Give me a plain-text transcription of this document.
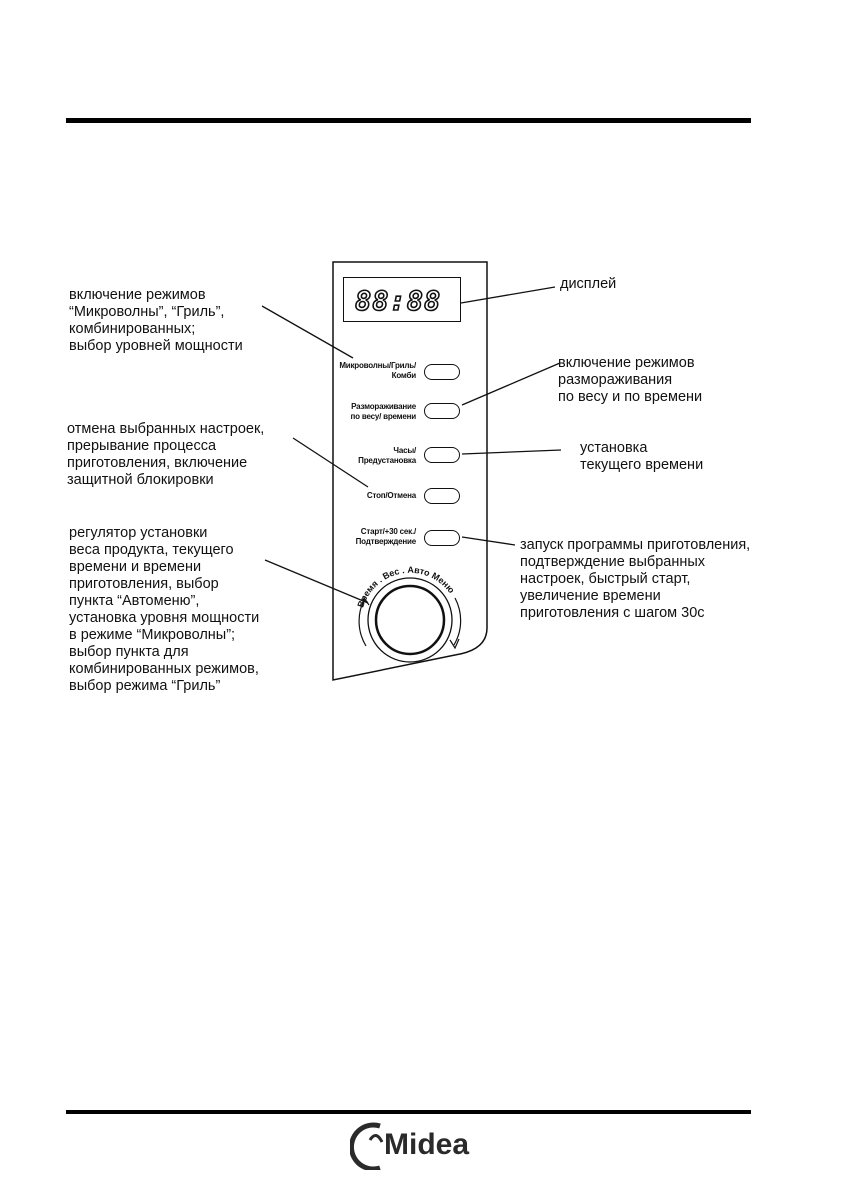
Время . Вес . Авто Меню
88:88
Микроволны/Гриль/
Комби
Размораживание
по весу/ времени
Часы/
Предустановка
Стоп/Отмена
Старт/+30 сек./
Подтверждение
включение режимов
“Микроволны”, “Гриль”,
комбинированных;
выбор уровней мощности
дисплей
включение режимов
размораживания
по весу и по времени
отмена выбранных настроек,
прерывание процесса
приготовления, включение
защитной блокировки
установка
текущего времени
регулятор установки
веса продукта, текущего
времени и времени
приготовления, выбор
пункта “Автоменю”,
установка уровня мощности
в режиме “Микроволны”;
выбор пункта для
комбинированных режимов,
выбор режима “Гриль”
запуск программы приготовления,
подтверждение выбранных
настроек, быстрый старт,
увеличение времени
приготовления с шагом 30с
Midea
